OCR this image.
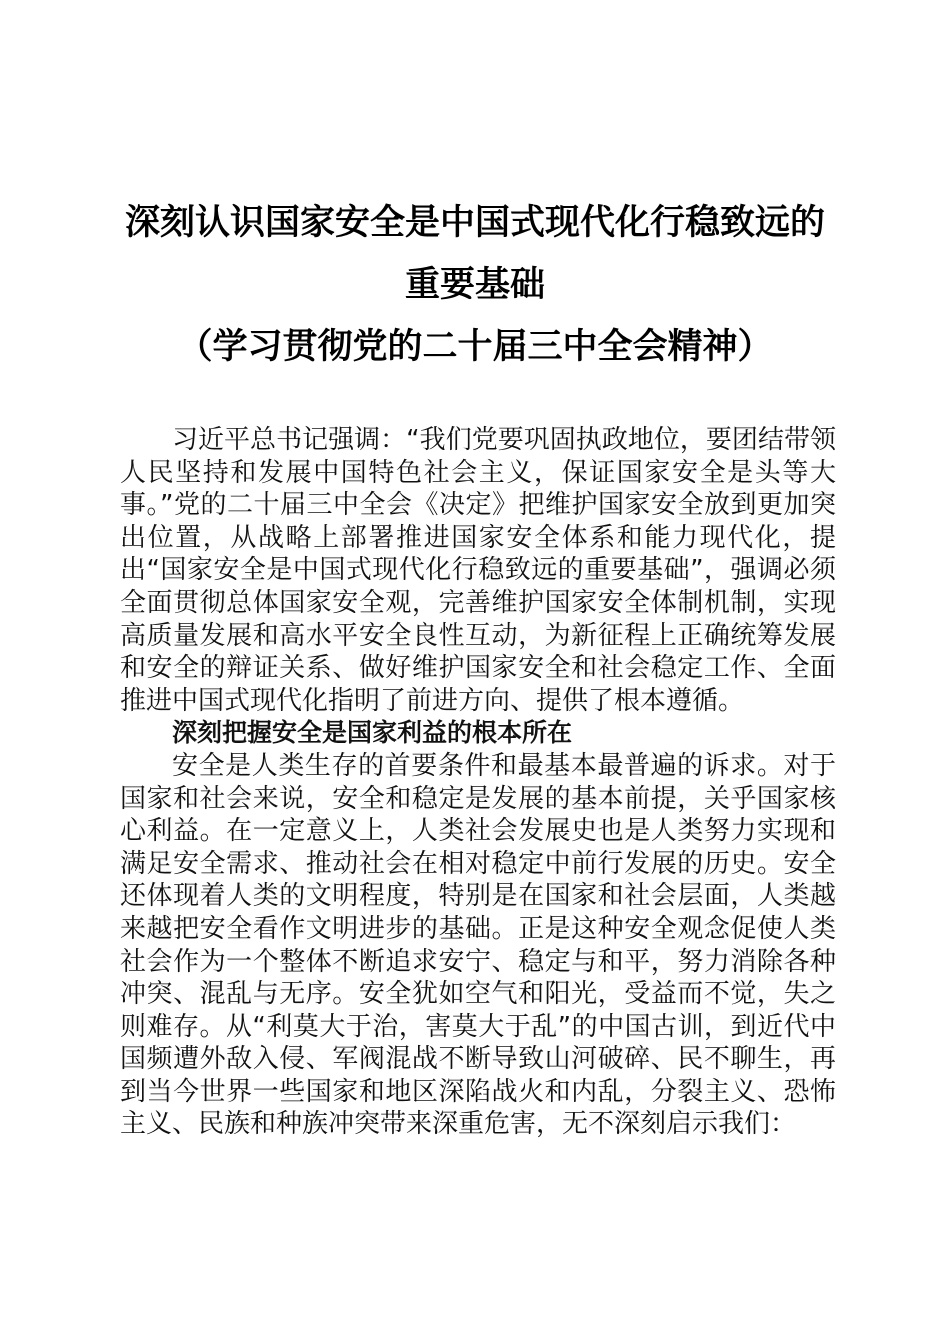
深刻认识国家安全是中国式现代化行稳致远的
重要基础
（学习贯彻党的二十届三中全会精神）

习近平总书记强调：“我们党要巩固执政地位，要团结带领人民坚持和发展中国特色社会主义，保证国家安全是头等大事。”党的二十届三中全会《决定》把维护国家安全放到更加突出位置，从战略上部署推进国家安全体系和能力现代化，提出“国家安全是中国式现代化行稳致远的重要基础”，强调必须全面贯彻总体国家安全观，完善维护国家安全体制机制，实现高质量发展和高水平安全良性互动，为新征程上正确统筹发展和安全的辩证关系、做好维护国家安全和社会稳定工作、全面推进中国式现代化指明了前进方向、提供了根本遵循。

深刻把握安全是国家利益的根本所在

安全是人类生存的首要条件和最基本最普遍的诉求。对于国家和社会来说，安全和稳定是发展的基本前提，关乎国家核心利益。在一定意义上，人类社会发展史也是人类努力实现和满足安全需求、推动社会在相对稳定中前行发展的历史。安全还体现着人类的文明程度，特别是在国家和社会层面，人类越来越把安全看作文明进步的基础。正是这种安全观念促使人类社会作为一个整体不断追求安宁、稳定与和平，努力消除各种冲突、混乱与无序。安全犹如空气和阳光，受益而不觉，失之则难存。从“利莫大于治，害莫大于乱”的中国古训，到近代中国频遭外敌入侵、军阀混战不断导致山河破碎、民不聊生，再到当今世界一些国家和地区深陷战火和内乱，分裂主义、恐怖主义、民族和种族冲突带来深重危害，无不深刻启示我们：
